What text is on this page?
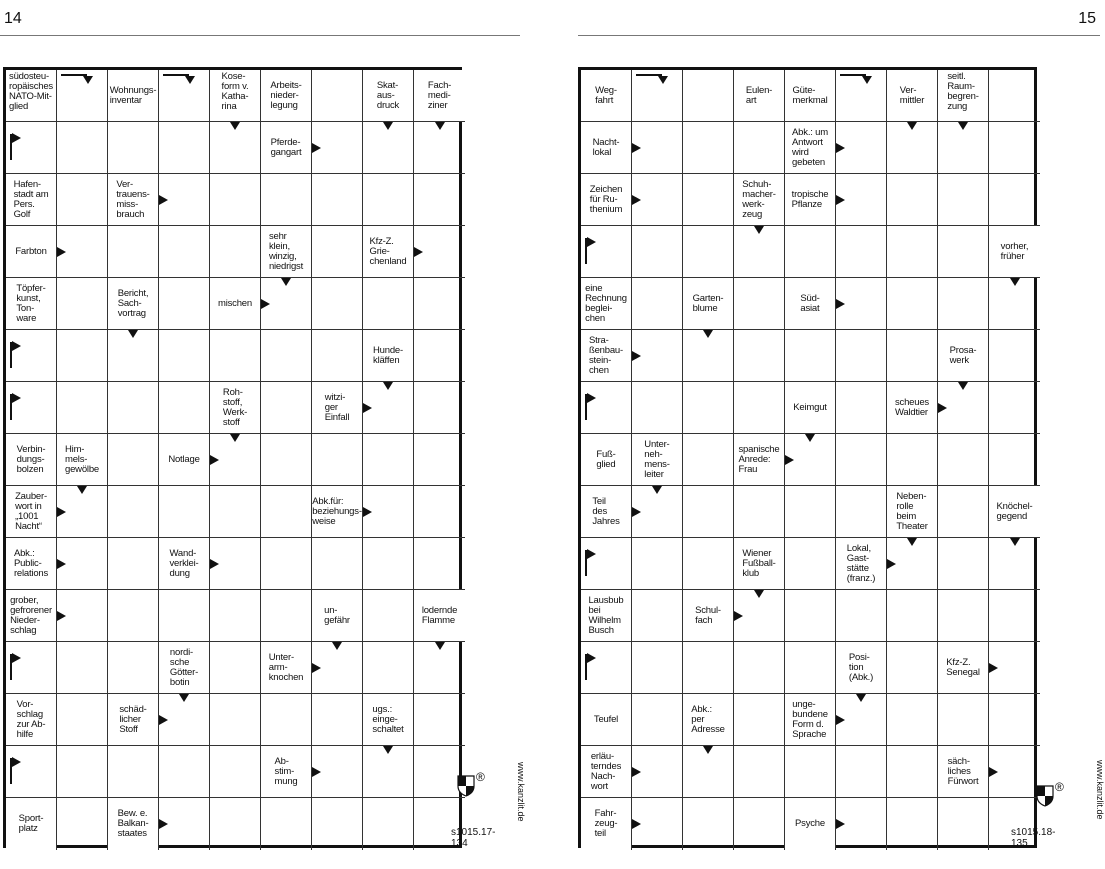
14	15
südosteu-
ropäisches
NATO-Mit-
glied
Wohnungs-
inventar
Kose-
form v.
Katha-
rina
Arbeits-
nieder-
legung
Skat-
aus-
druck
Fach-
medi-
ziner
Pferde-
gangart
Hafen-
stadt am
Pers.
Golf
Ver-
trauens-
miss-
brauch
Farbton
sehr
klein,
winzig,
niedrigst
Kfz-Z.
Grie-
chenland
Töpfer-
kunst,
Ton-
ware
Bericht,
Sach-
vortrag
mischen
Hunde-
kläffen
Roh-
stoff,
Werk-
stoff
witzi-
ger
Einfall
Verbin-
dungs-
bolzen
Him-
mels-
gewölbe
Notlage
Zauber-
wort in
„1001
Nacht“
Abk.für:
beziehungs-
weise
Abk.:
Public-
relations
Wand-
verklei-
dung
grober,
gefrorener
Nieder-
schlag
un-
gefähr
lodernde
Flamme
nordi-
sche
Götter-
botin
Unter-
arm-
knochen
Vor-
schlag
zur Ab-
hilfe
schäd-
licher
Stoff
ugs.:
einge-
schaltet
Ab-
stim-
mung
Sport-
platz
Bew. e.
Balkan-
staates
®
s1015.17-134
www.kanzlit.de
Weg-
fahrt
Eulen-
art
Güte-
merkmal
Ver-
mittler
seitl.
Raum-
begren-
zung
Nacht-
lokal
Abk.: um
Antwort
wird
gebeten
Zeichen
für Ru-
thenium
Schuh-
macher-
werk-
zeug
tropische
Pflanze
vorher,
früher
eine
Rechnung
beglei-
chen
Garten-
blume
Süd-
asiat
Stra-
ßenbau-
stein-
chen
Prosa-
werk
Keimgut	scheues
Waldtier
Fuß-
glied
Unter-
neh-
mens-
leiter
spanische
Anrede:
Frau
Teil
des
Jahres
Neben-
rolle
beim
Theater
Knöchel-
gegend
Wiener
Fußball-
klub
Lokal,
Gast-
stätte
(franz.)
Lausbub
bei
Wilhelm
Busch
Schul-
fach
Posi-
tion
(Abk.)
Kfz-Z.
Senegal
Teufel
Abk.:
per
Adresse
unge-
bundene
Form d.
Sprache
erläu-
terndes
Nach-
wort
säch-
liches
Fürwort
Fahr-
zeug-
teil
Psyche
®
s1015.18-135
www.kanzlit.de
